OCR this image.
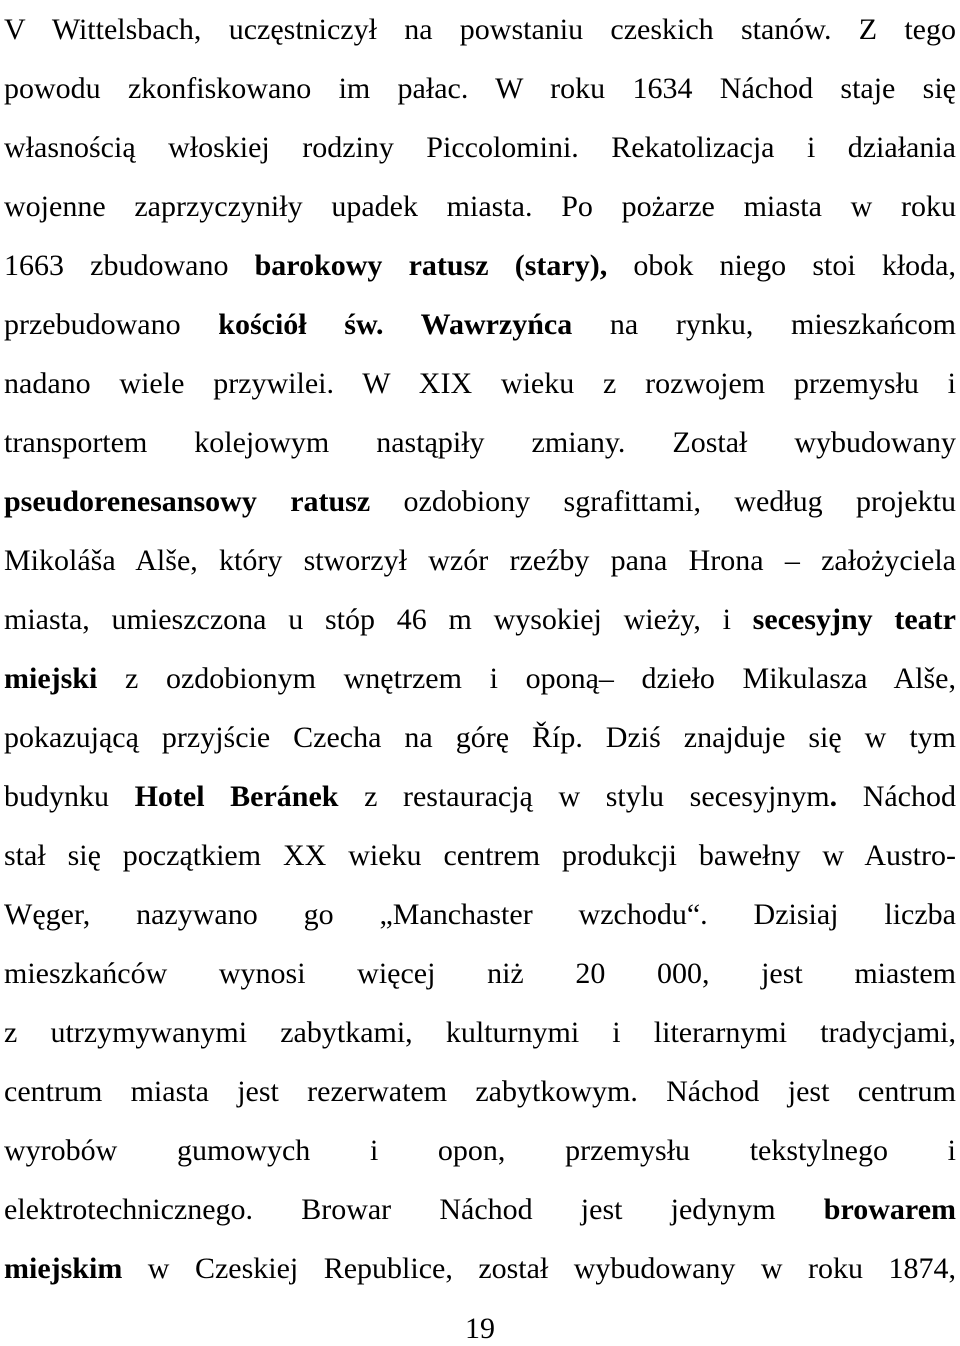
V Wittelsbach, uczęstniczył na powstaniu czeskich stanów. Z tego
powodu zkonfiskowano im pałac. W roku 1634 Náchod staje się
własnością włoskiej rodziny Piccolomini. Rekatolizacja i działania
wojenne zaprzyczyniły upadek miasta. Po pożarze miasta w roku
1663 zbudowano barokowy ratusz (stary), obok niego stoi kłoda,
przebudowano kościół św. Wawrzyńca na rynku, mieszkańcom
nadano wiele przywilei. W XIX wieku z rozwojem przemysłu i
transportem kolejowym nastąpiły zmiany. Został wybudowany
pseudorenesansowy ratusz ozdobiony sgrafittami, według projektu
Mikoláša Alše, który stworzył wzór rzeźby pana Hrona – założyciela
miasta, umieszczona u stóp 46 m wysokiej wieży, i secesyjny teatr
miejski z ozdobionym wnętrzem i oponą– dzieło Mikulasza Alše,
pokazującą przyjście Czecha na górę Říp. Dziś znajduje się w tym
budynku Hotel Beránek z restauracją w stylu secesyjnym. Náchod
stał się początkiem XX wieku centrem produkcji bawełny w Austro-
Węger, nazywano go „Manchaster wzchodu“. Dzisiaj liczba
mieszkańców wynosi więcej niż 20 000, jest miastem
z utrzymywanymi zabytkami, kulturnymi i literarnymi tradycjami,
centrum miasta jest rezerwatem zabytkowym. Náchod jest centrum
wyrobów gumowych i opon, przemysłu tekstylnego i
elektrotechnicznego. Browar Náchod jest jedynym browarem
miejskim w Czeskiej Republice, został wybudowany w roku 1874,
19
